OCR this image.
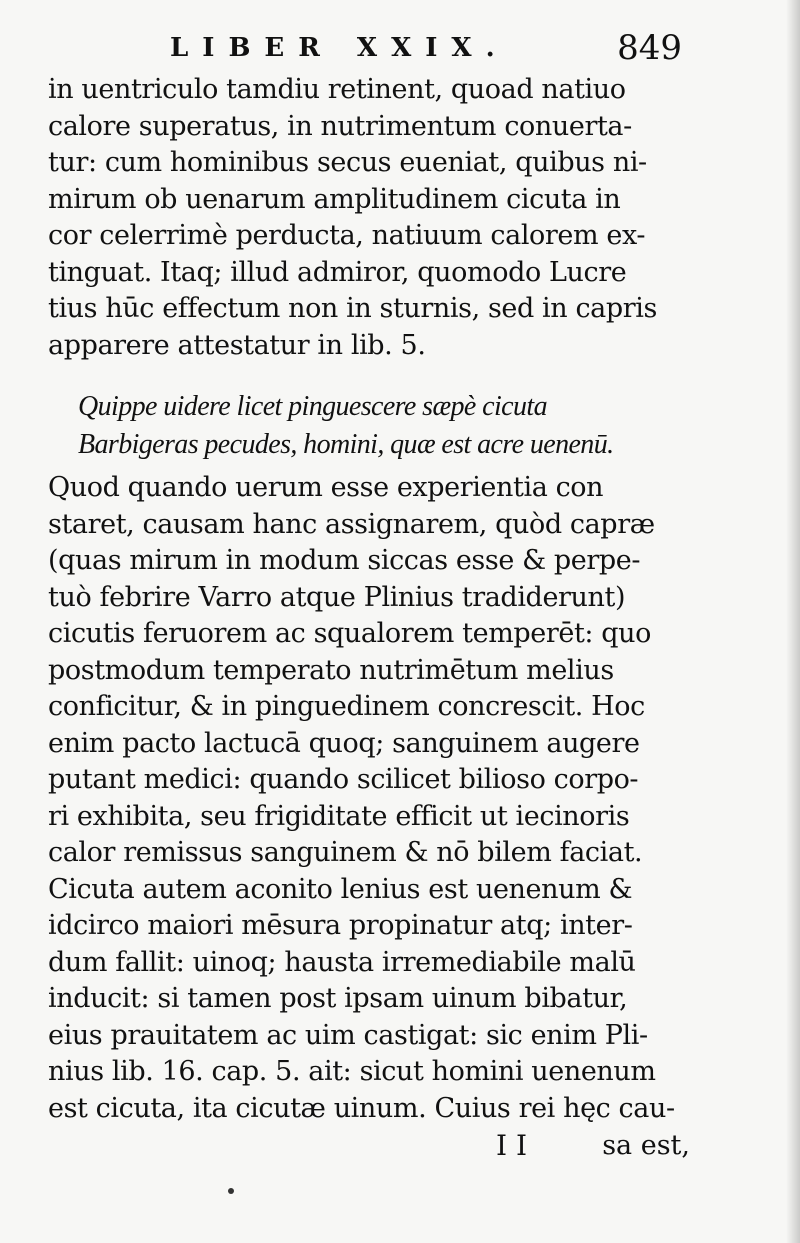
LIBER XXIX.	849
in uentriculo tamdiu retinent, quoad natiuo
calore superatus, in nutrimentum conuerta-
tur: cum hominibus secus eueniat, quibus ni-
mirum ob uenarum amplitudinem cicuta in
cor celerrimè perducta, natiuum calorem ex-
tinguat. Itaq; illud admiror, quomodo Lucre
tius hūc effectum non in sturnis, sed in capris
apparere attestatur in lib. 5.
Quippe uidere licet pinguescere sæpè cicuta
Barbigeras pecudes, homini, quæ est acre uenenū.
Quod quando uerum esse experientia con
staret, causam hanc assignarem, quòd capræ
(quas mirum in modum siccas esse & perpe-
tuò febrire Varro atque Plinius tradiderunt)
cicutis feruorem ac squalorem temperēt: quo
postmodum temperato nutrimētum melius
conficitur, & in pinguedinem concrescit. Hoc
enim pacto lactucā quoq; sanguinem augere
putant medici: quando scilicet bilioso corpo-
ri exhibita, seu frigiditate efficit ut iecinoris
calor remissus sanguinem & nō bilem faciat.
Cicuta autem aconito lenius est uenenum &
idcirco maiori mēsura propinatur atq; inter-
dum fallit: uinoq; hausta irremediabile malū
inducit: si tamen post ipsam uinum bibatur,
eius prauitatem ac uim castigat: sic enim Pli-
nius lib. 16. cap. 5. ait: sicut homini uenenum
est cicuta, ita cicutæ uinum. Cuius rei hęc cau-
I I	sa est,
